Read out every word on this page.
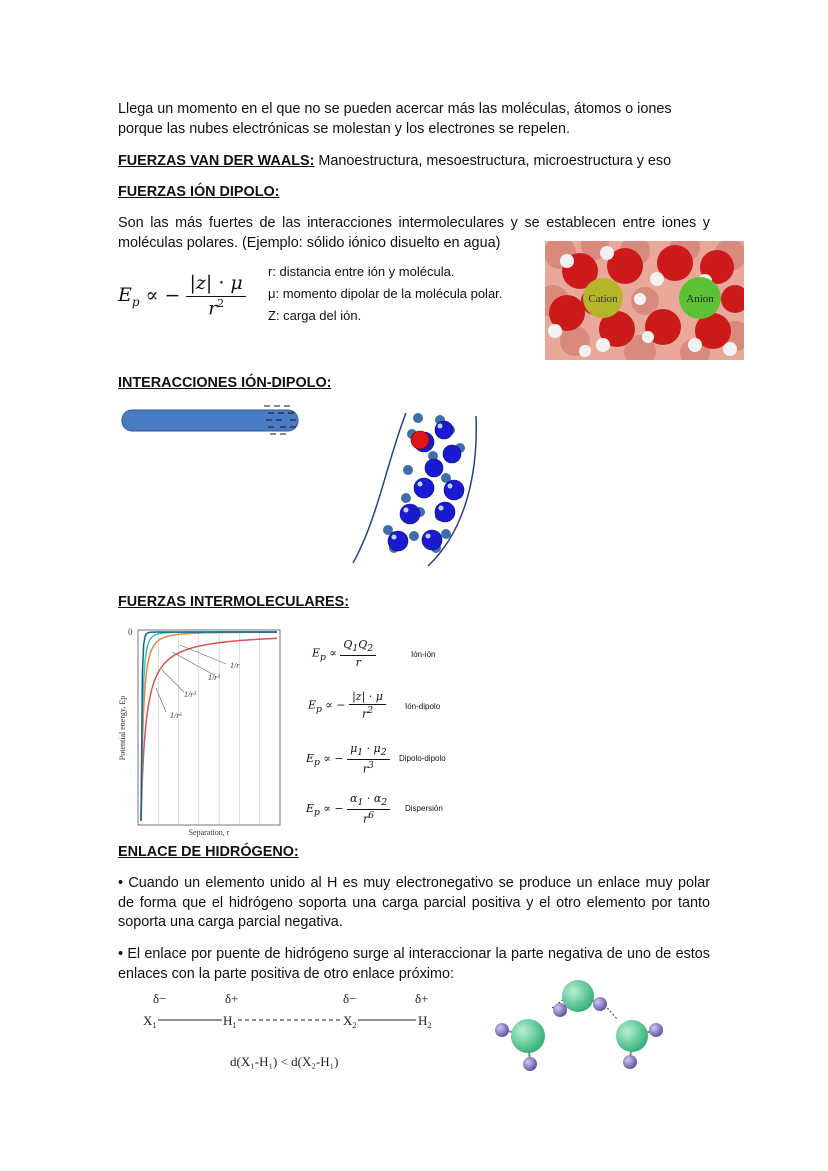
Llega un momento en el que no se pueden acercar más las moléculas, átomos o iones porque las nubes electrónicas se molestan y los electrones se repelen.

FUERZAS VAN DER WAALS: Manoestructura, mesoestructura, microestructura y eso

FUERZAS IÓN DIPOLO:

Son las más fuertes de las interacciones intermoleculares y se establecen entre iones y moléculas polares. (Ejemplo: sólido iónico disuelto en agua)

$E_p$ ∝ − $\frac{|z| \cdot \mu}{r^2}$
r: distancia entre ión y molécula.
μ: momento dipolar de la molécula polar.
Z: carga del ión.
Cation	Anion

INTERACCIONES IÓN-DIPOLO:

FUERZAS INTERMOLECULARES:

0
1/r
1/r²
1/r³
1/r⁶
Separation, r
Potential energy, Ep
$E_p \propto \frac{Q_1Q_2}{r}$	Ión-ión
$E_p$ ∝ − $\frac{|z| \cdot \mu}{r^2}$ Ión-dipolo
$E_p$ ∝ − $\frac{\mu_1 \cdot \mu_2}{r^3}$ Dipolo-dipolo
$E_p$ ∝ − $\frac{\alpha_1 \cdot \alpha_2}{r^6}$ Dispersión

ENLACE DE HIDRÓGENO:

• Cuando un elemento unido al H es muy electronegativo se produce un enlace muy polar de forma que el hidrógeno soporta una carga parcial positiva y el otro elemento por tanto soporta una carga parcial negativa.

• El enlace por puente de hidrógeno surge al interaccionar la parte negativa de uno de estos enlaces con la parte positiva de otro enlace próximo:

δ−	δ+	δ−	δ+
$X_1$	$H_1$	$X_2$	$H_2$
d(X₁-H₁) < d(X₂-H₁)
